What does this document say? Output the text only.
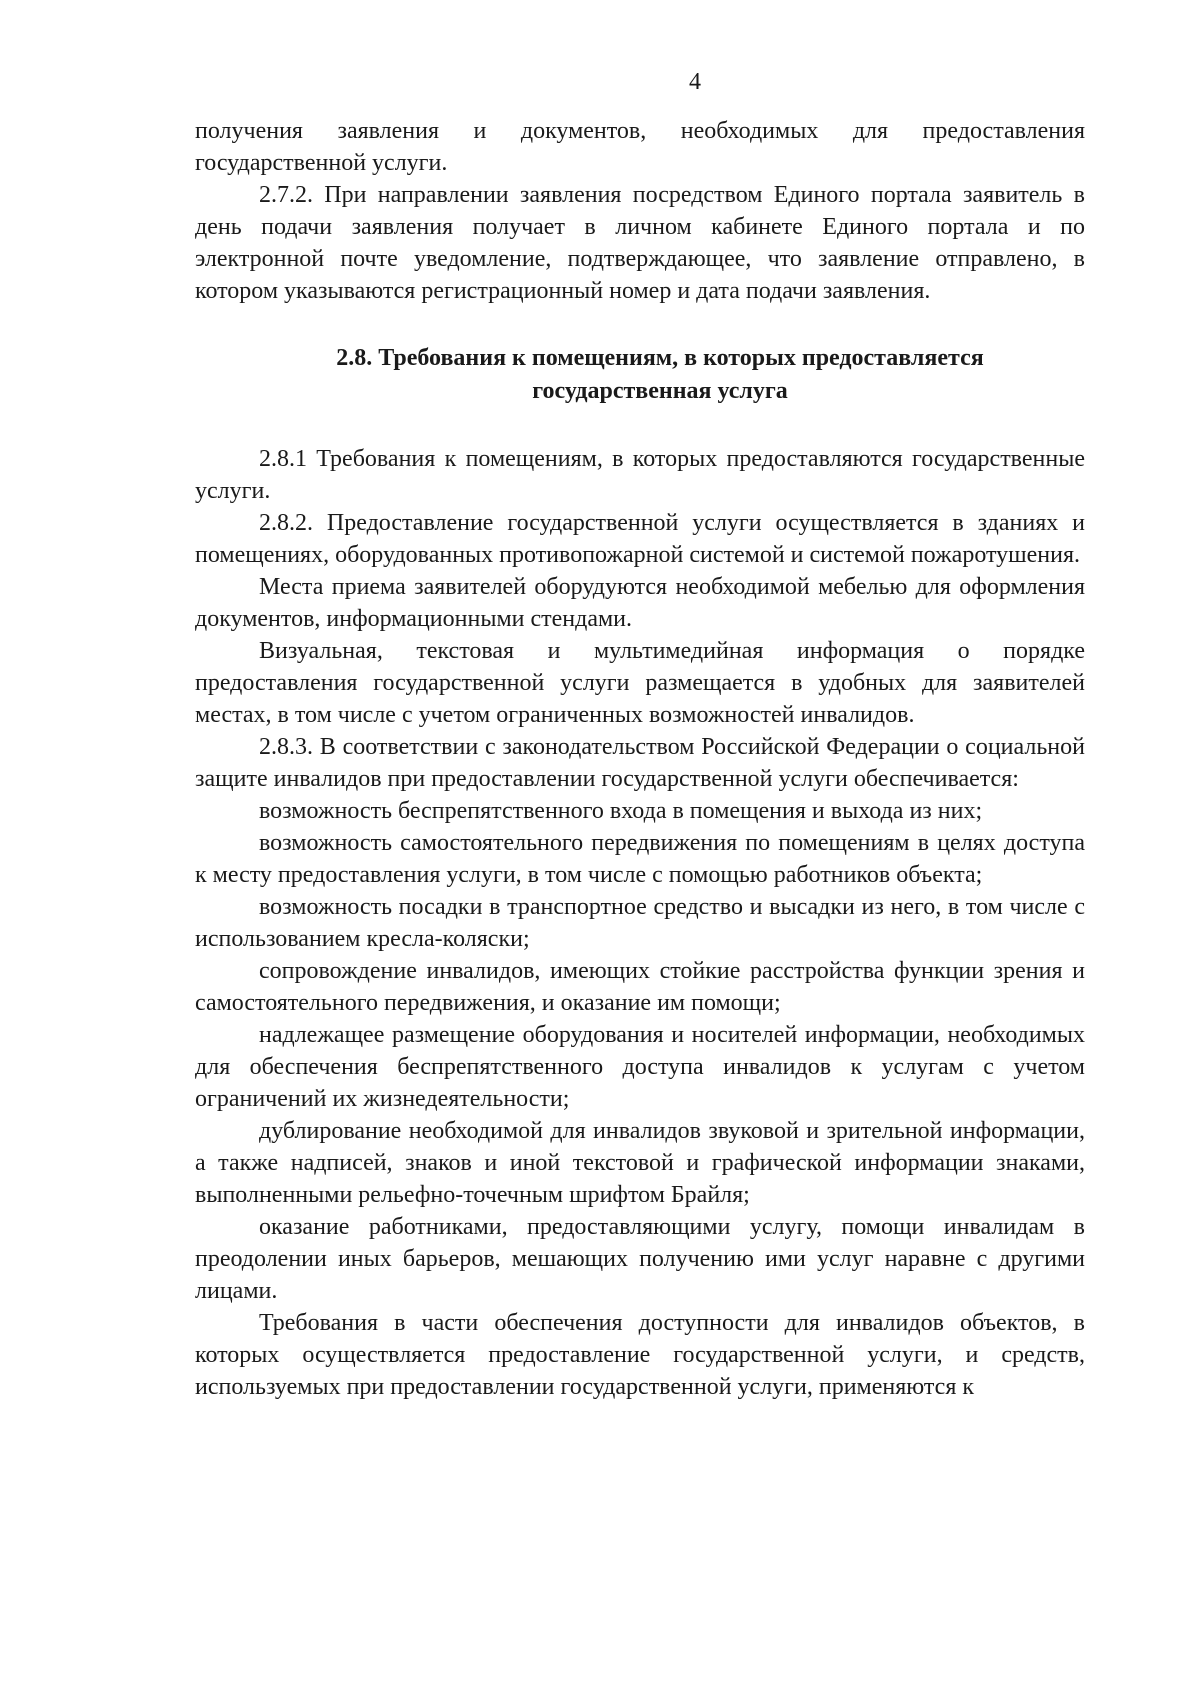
4

получения заявления и документов, необходимых для предоставления государственной услуги.

2.7.2. При направлении заявления посредством Единого портала заявитель в день подачи заявления получает в личном кабинете Единого портала и по электронной почте уведомление, подтверждающее, что заявление отправлено, в котором указываются регистрационный номер и дата подачи заявления.

2.8. Требования к помещениям, в которых предоставляется
государственная услуга

2.8.1 Требования к помещениям, в которых предоставляются государственные услуги.

2.8.2. Предоставление государственной услуги осуществляется в зданиях и помещениях, оборудованных противопожарной системой и системой пожаротушения.

Места приема заявителей оборудуются необходимой мебелью для оформления документов, информационными стендами.

Визуальная, текстовая и мультимедийная информация о порядке предоставления государственной услуги размещается в удобных для заявителей местах, в том числе с учетом ограниченных возможностей инвалидов.

2.8.3. В соответствии с законодательством Российской Федерации о социальной защите инвалидов при предоставлении государственной услуги обеспечивается:

возможность беспрепятственного входа в помещения и выхода из них;

возможность самостоятельного передвижения по помещениям в целях доступа к месту предоставления услуги, в том числе с помощью работников объекта;

возможность посадки в транспортное средство и высадки из него, в том числе с использованием кресла-коляски;

сопровождение инвалидов, имеющих стойкие расстройства функции зрения и самостоятельного передвижения, и оказание им помощи;

надлежащее размещение оборудования и носителей информации, необходимых для обеспечения беспрепятственного доступа инвалидов к услугам с учетом ограничений их жизнедеятельности;

дублирование необходимой для инвалидов звуковой и зрительной информации, а также надписей, знаков и иной текстовой и графической информации знаками, выполненными рельефно-точечным шрифтом Брайля;

оказание работниками, предоставляющими услугу, помощи инвалидам в преодолении иных барьеров, мешающих получению ими услуг наравне с другими лицами.

Требования в части обеспечения доступности для инвалидов объектов, в которых осуществляется предоставление государственной услуги, и средств, используемых при предоставлении государственной услуги, применяются к
